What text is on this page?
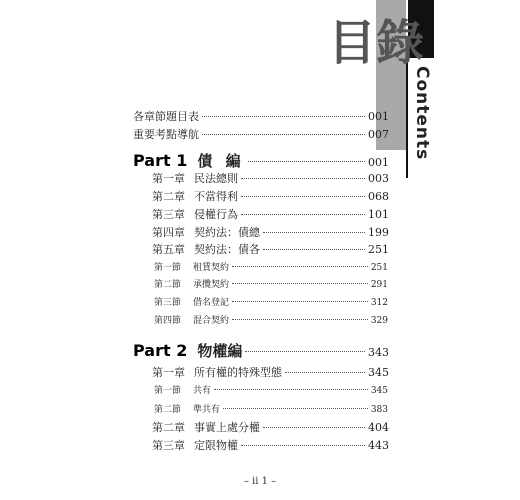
目錄
Contents
各章節題目表	001
重要考點導航	007
Part 1 債 編	001
第一章 民法總則	003
第二章 不當得利	068
第三章 侵權行為	101
第四章 契約法：債總	199
第五章 契約法：債各	251
第一節 租賃契約	251
第二節 承攬契約	291
第三節 借名登記	312
第四節 混合契約	329
Part 2 物權編	343
第一章 所有權的特殊型態	345
第一節 共有	345
第二節 準共有	383
第二章 事實上處分權	404
第三章 定限物權	443
– ii 1 –
